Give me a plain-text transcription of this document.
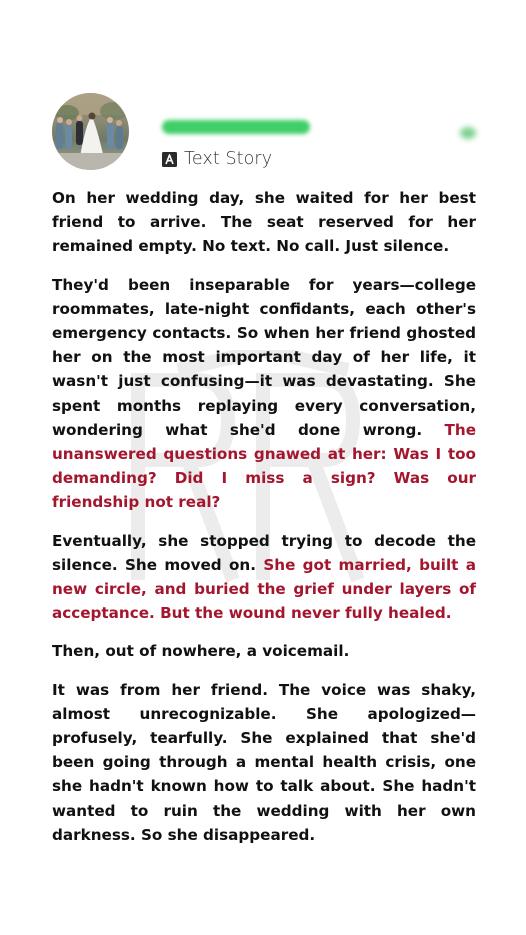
Text Story

On her wedding day, she waited for her best friend to arrive. The seat reserved for her remained empty. No text. No call. Just silence.

They'd been inseparable for years—college roommates, late-night confidants, each other's emergency contacts. So when her friend ghosted her on the most important day of her life, it wasn't just confusing—it was devastating. She spent months replaying every conversation, wondering what she'd done wrong. The unanswered questions gnawed at her: Was I too demanding? Did I miss a sign? Was our friendship not real?

Eventually, she stopped trying to decode the silence. She moved on. She got married, built a new circle, and buried the grief under layers of acceptance. But the wound never fully healed.

Then, out of nowhere, a voicemail.

It was from her friend. The voice was shaky, almost unrecognizable. She apologized—profusely, tearfully. She explained that she'd been going through a mental health crisis, one she hadn't known how to talk about. She hadn't wanted to ruin the wedding with her own darkness. So she disappeared.
